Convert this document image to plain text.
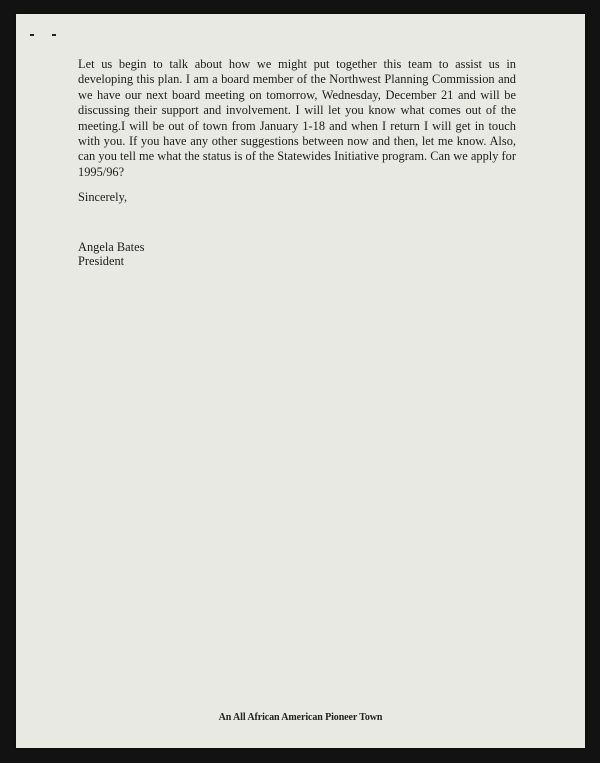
Let us begin to talk about how we might put together this team to assist us in developing this plan. I am a board member of the Northwest Planning Commission and we have our next board meeting on tomorrow, Wednesday, December 21 and will be discussing their support and involvement. I will let you know what comes out of the meeting.I will be out of town from January 1-18 and when I return I will get in touch with you. If you have any other suggestions between now and then, let me know. Also, can you tell me what the status is of the Statewides Initiative program. Can we apply for 1995/96?

Sincerely,

Angela Bates
President
An All African American Pioneer Town
